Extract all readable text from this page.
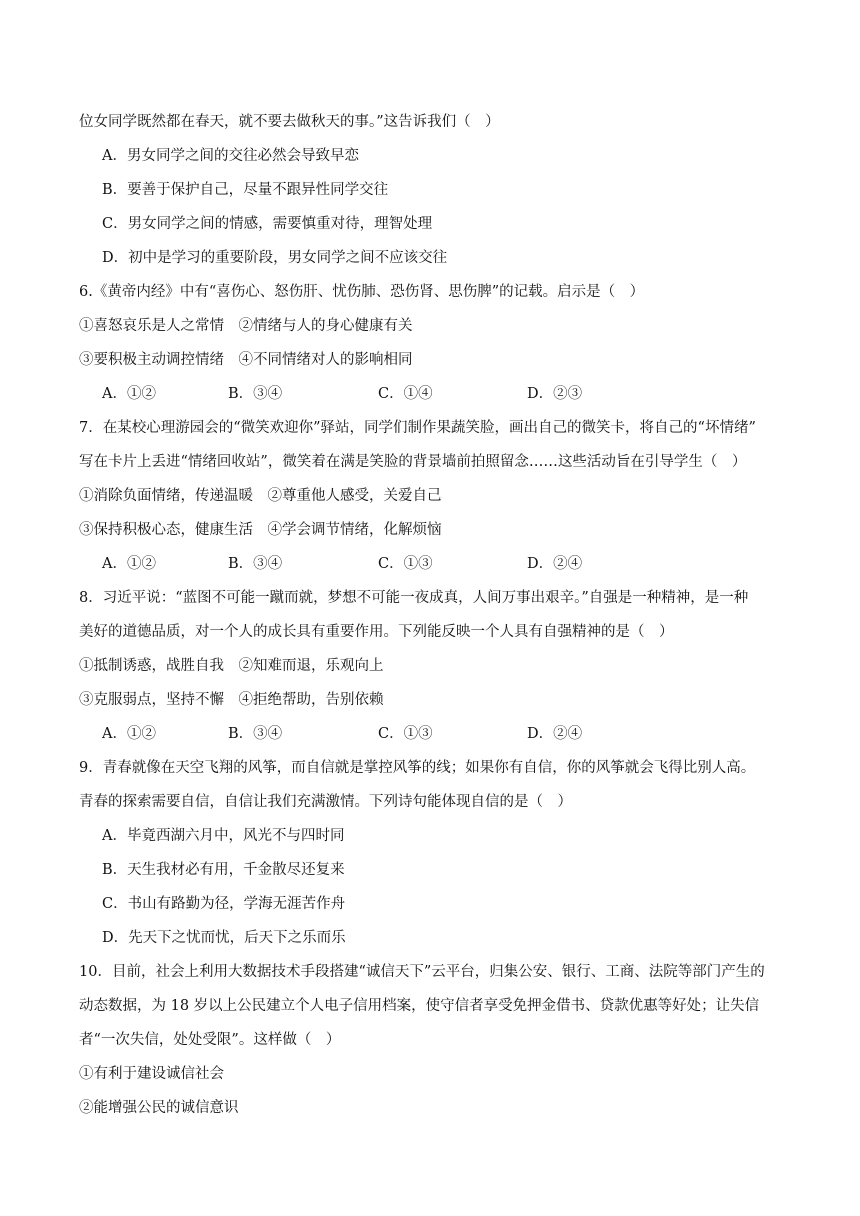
位女同学既然都在春天，就不要去做秋天的事。”这告诉我们（　）
A．男女同学之间的交往必然会导致早恋
B．要善于保护自己，尽量不跟异性同学交往
C．男女同学之间的情感，需要慎重对待，理智处理
D．初中是学习的重要阶段，男女同学之间不应该交往
6.《黄帝内经》中有“喜伤心、怒伤肝、忧伤肺、恐伤肾、思伤脾”的记载。启示是（　）
①喜怒哀乐是人之常情　②情绪与人的身心健康有关
③要积极主动调控情绪　④不同情绪对人的影响相同
A．①②	B．③④	C．①④	D．②③
7．在某校心理游园会的“微笑欢迎你”驿站，同学们制作果蔬笑脸，画出自己的微笑卡，将自己的“坏情绪”
写在卡片上丢进“情绪回收站”，微笑着在满是笑脸的背景墙前拍照留念……这些活动旨在引导学生（　）
①消除负面情绪，传递温暖　②尊重他人感受，关爱自己
③保持积极心态，健康生活　④学会调节情绪，化解烦恼
A．①②	B．③④	C．①③	D．②④
8．习近平说：“蓝图不可能一蹴而就，梦想不可能一夜成真，人间万事出艰辛。”自强是一种精神，是一种
美好的道德品质，对一个人的成长具有重要作用。下列能反映一个人具有自强精神的是（　）
①抵制诱惑，战胜自我　②知难而退，乐观向上
③克服弱点，坚持不懈　④拒绝帮助，告别依赖
A．①②	B．③④	C．①③	D．②④
9．青春就像在天空飞翔的风筝，而自信就是掌控风筝的线；如果你有自信，你的风筝就会飞得比别人高。
青春的探索需要自信，自信让我们充满激情。下列诗句能体现自信的是（　）
A．毕竟西湖六月中，风光不与四时同
B．天生我材必有用，千金散尽还复来
C．书山有路勤为径，学海无涯苦作舟
D．先天下之忧而忧，后天下之乐而乐
10．目前，社会上利用大数据技术手段搭建“诚信天下”云平台，归集公安、银行、工商、法院等部门产生的
动态数据，为 18 岁以上公民建立个人电子信用档案，使守信者享受免押金借书、贷款优惠等好处；让失信
者“一次失信，处处受限”。这样做（　）
①有利于建设诚信社会
②能增强公民的诚信意识
